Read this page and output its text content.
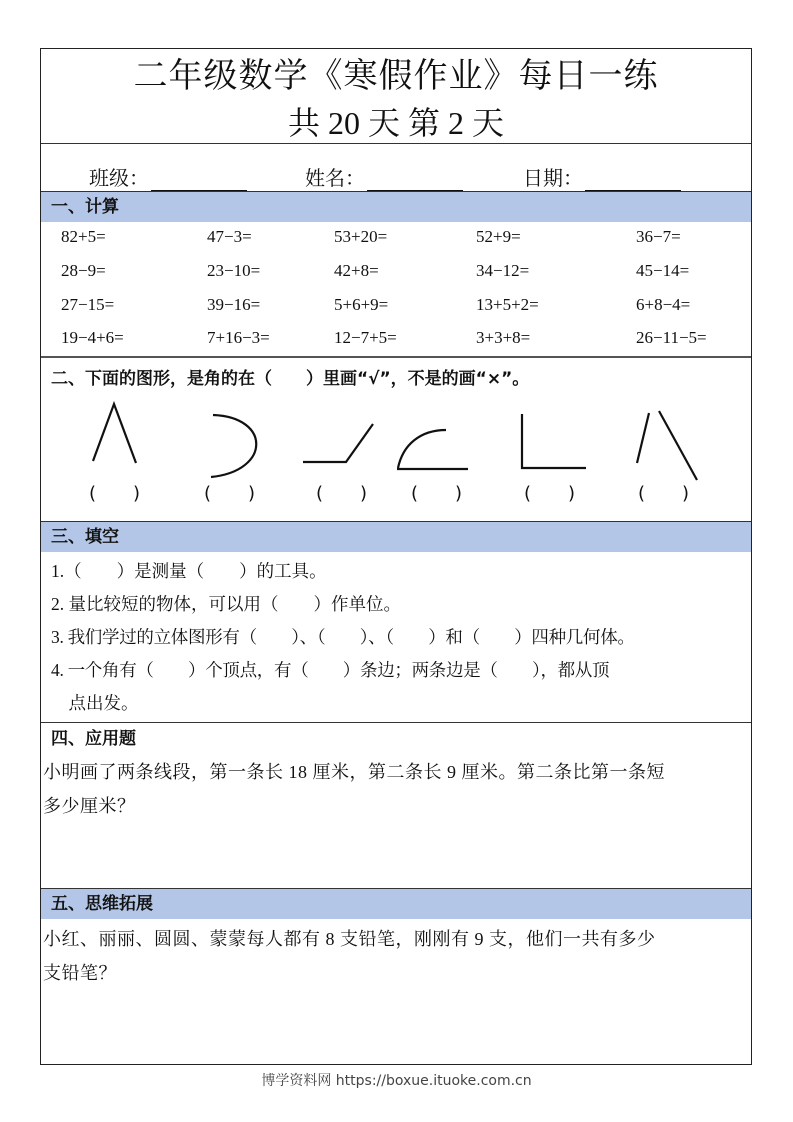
二年级数学《寒假作业》每日一练
共 20 天 第 2 天
班级：	姓名：	日期：
一、计算
82+5=	47−3=	53+20=	52+9=	36−7=
28−9=	23−10=	42+8=	34−12=	45−14=
27−15=	39−16=	5+6+9=	13+5+2=	6+8−4=
19−4+6=	7+16−3=	12−7+5=	3+3+8=	26−11−5=
二、下面的图形，是角的在（　　）里画“√”，不是的画“×”。
( )	( )	( ) ( )	( )	( )
三、填空
1.（　　）是测量（　　）的工具。
2. 量比较短的物体，可以用（　　）作单位。
3. 我们学过的立体图形有（　　）、（　　）、（　　）和（　　）四种几何体。
4. 一个角有（　　）个顶点，有（　　）条边；两条边是（　　），都从顶
　点出发。
四、应用题
小明画了两条线段，第一条长 18 厘米，第二条长 9 厘米。第二条比第一条短
多少厘米？
五、思维拓展
小红、丽丽、圆圆、蒙蒙每人都有 8 支铅笔，刚刚有 9 支，他们一共有多少
支铅笔？
博学资料网 https://boxue.ituoke.com.cn
